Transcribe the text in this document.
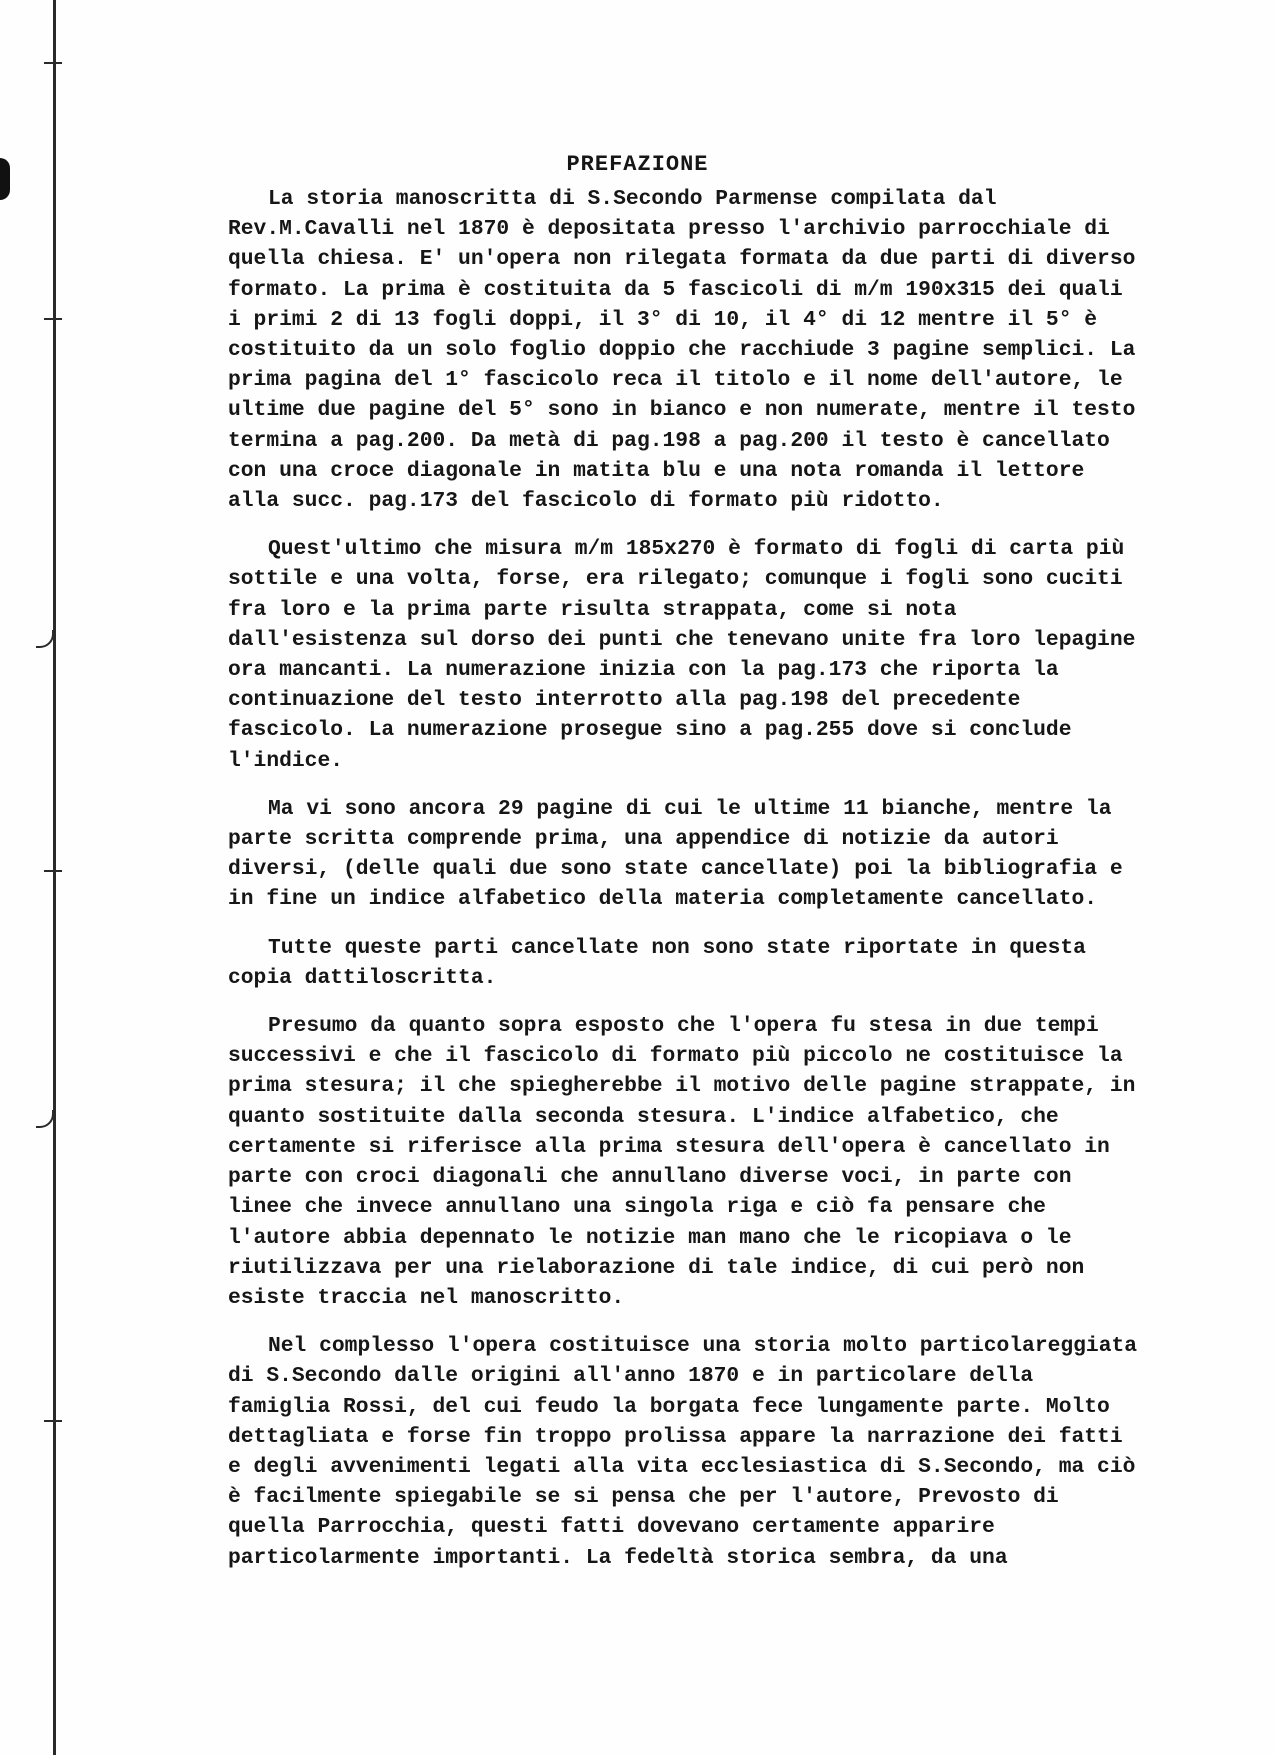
PREFAZIONE

La storia manoscritta di S.Secondo Parmense compilata dal Rev.M.Cavalli nel 1870 è depositata presso l'archivio parrocchiale di quella chiesa. E' un'opera non rilegata formata da due parti di diverso formato. La prima è costituita da 5 fascicoli di m/m 190x315 dei quali i primi 2 di 13 fogli doppi, il 3° di 10, il 4° di 12 mentre il 5° è costituito da un solo foglio doppio che racchiude 3 pagine semplici. La prima pagina del 1° fascicolo reca il titolo e il nome dell'autore, le ultime due pagine del 5° sono in bianco e non numerate, mentre il testo termina a pag.200. Da metà di pag.198 a pag.200 il testo è cancellato con una croce diagonale in matita blu e una nota romanda il lettore alla succ. pag.173 del fascicolo di formato più ridotto.

Quest'ultimo che misura m/m 185x270 è formato di fogli di carta più sottile e una volta, forse, era rilegato; comunque i fogli sono cuciti fra loro e la prima parte risulta strappata, come si nota dall'esistenza sul dorso dei punti che tenevano unite fra loro lepagine ora mancanti. La numerazione inizia con la pag.173 che riporta la continuazione del testo interrotto alla pag.198 del precedente fascicolo. La numerazione prosegue sino a pag.255 dove si conclude l'indice.

Ma vi sono ancora 29 pagine di cui le ultime 11 bianche, mentre la parte scritta comprende prima, una appendice di notizie da autori diversi, (delle quali due sono state cancellate) poi la bibliografia e in fine un indice alfabetico della materia completamente cancellato.

Tutte queste parti cancellate non sono state riportate in questa copia dattiloscritta.

Presumo da quanto sopra esposto che l'opera fu stesa in due tempi successivi e che il fascicolo di formato più piccolo ne costituisce la prima stesura; il che spiegherebbe il motivo delle pagine strappate, in quanto sostituite dalla seconda stesura. L'indice alfabetico, che certamente si riferisce alla prima stesura dell'opera è cancellato in parte con croci diagonali che annullano diverse voci, in parte con linee che invece annullano una singola riga e ciò fa pensare che l'autore abbia depennato le notizie man mano che le ricopiava o le riutilizzava per una rielaborazione di tale indice, di cui però non esiste traccia nel manoscritto.

Nel complesso l'opera costituisce una storia molto particolareggiata di S.Secondo dalle origini all'anno 1870 e in particolare della famiglia Rossi, del cui feudo la borgata fece lungamente parte. Molto dettagliata e forse fin troppo prolissa appare la narrazione dei fatti e degli avvenimenti legati alla vita ecclesiastica di S.Secondo, ma ciò è facilmente spiegabile se si pensa che per l'autore, Prevosto di quella Parrocchia, questi fatti dovevano certamente apparire particolarmente importanti. La fedeltà storica sembra, da una
